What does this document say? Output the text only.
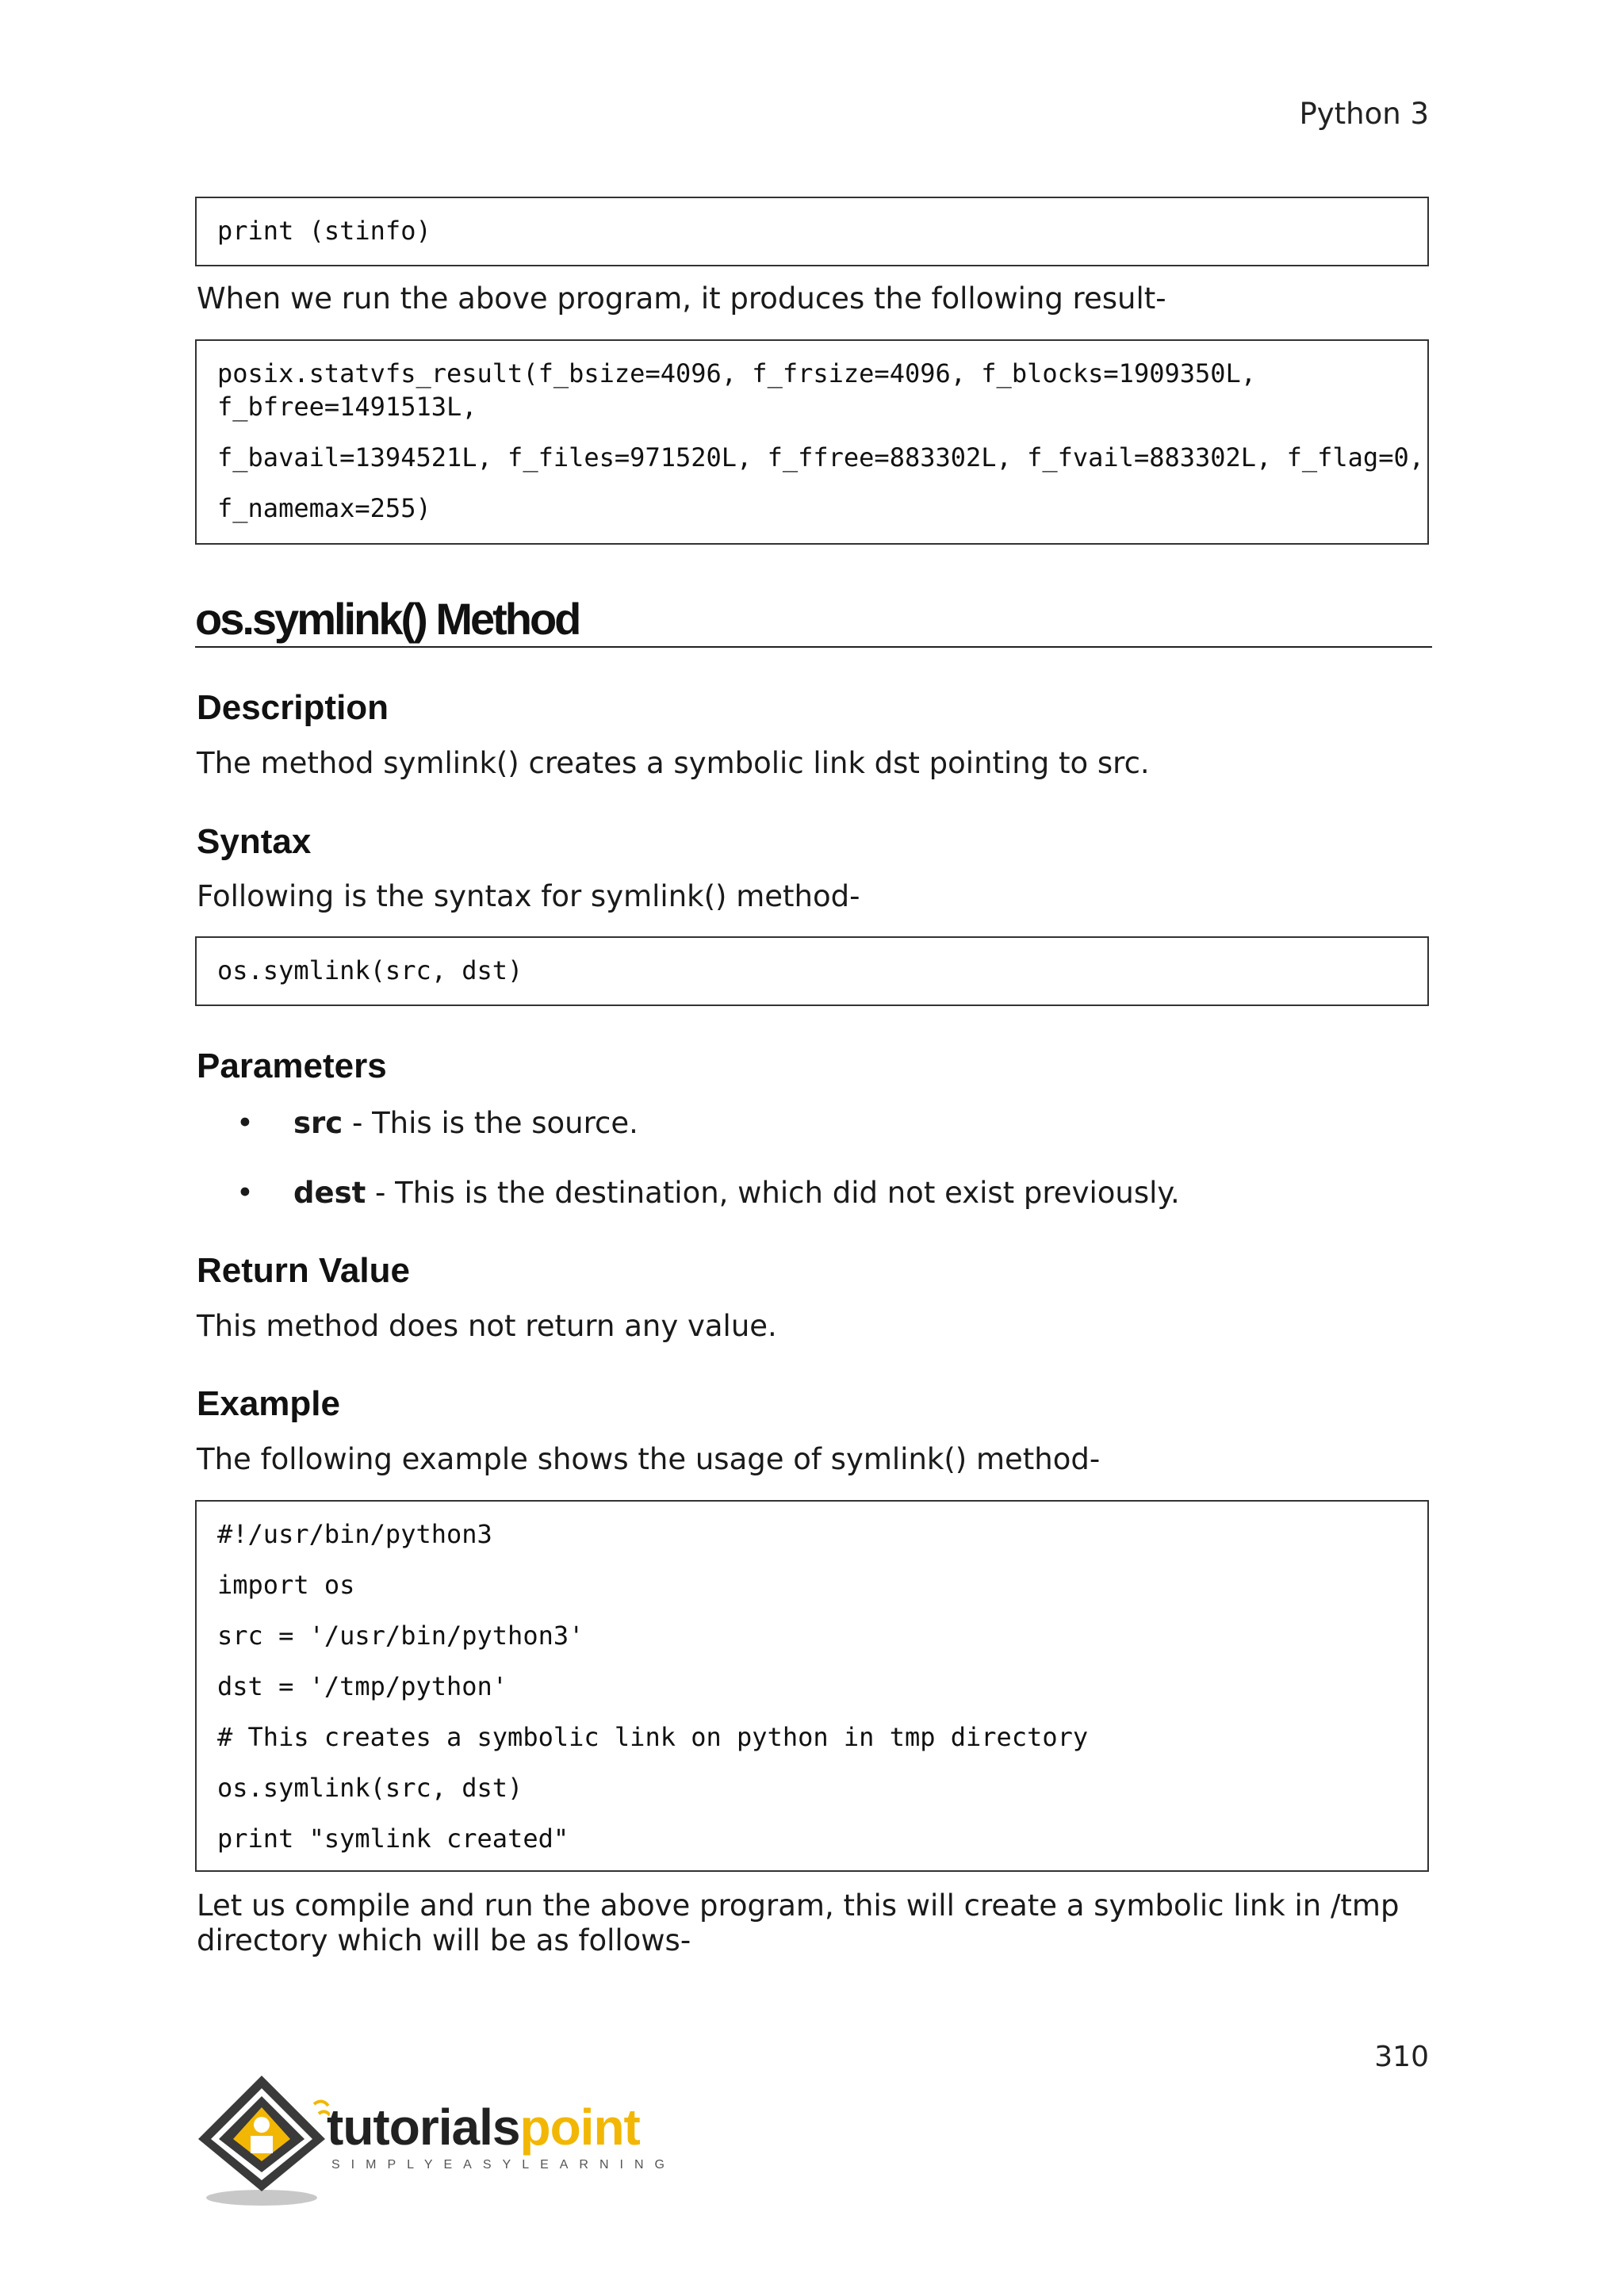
Python 3
print (stinfo)
When we run the above program, it produces the following result-
posix.statvfs_result(f_bsize=4096, f_frsize=4096, f_blocks=1909350L,
f_bfree=1491513L,
f_bavail=1394521L, f_files=971520L, f_ffree=883302L, f_fvail=883302L, f_flag=0,
f_namemax=255)
os.symlink() Method
Description
The method symlink() creates a symbolic link dst pointing to src.
Syntax
Following is the syntax for symlink() method-
os.symlink(src, dst)
Parameters
• src - This is the source.
• dest - This is the destination, which did not exist previously.
Return Value
This method does not return any value.
Example
The following example shows the usage of symlink() method-
#!/usr/bin/python3
import os
src = '/usr/bin/python3'
dst = '/tmp/python'
# This creates a symbolic link on python in tmp directory
os.symlink(src, dst)
print "symlink created"
Let us compile and run the above program, this will create a symbolic link in /tmp directory which will be as follows-
310
tutorialspoint
SIMPLYEASYLEARNING
